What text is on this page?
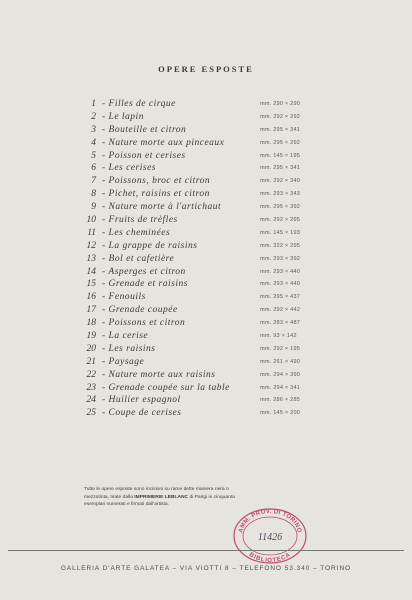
OPERE ESPOSTE
1 - Filles de cirque	mm. 290 × 290
2 - Le lapin	mm. 292 × 292
3 - Bouteille et citron	mm. 295 × 341
4 - Nature morte aux pinceaux	mm. 295 × 292
5 - Poisson et cerises	mm. 145 × 195
6 - Les cerises	mm. 295 × 341
7 - Poissons, broc et citron	mm. 292 × 340
8 - Pichet, raisins et citron	mm. 293 × 343
9 - Nature morte à l'artichaut	mm. 295 × 392
10 - Fruits de trèfles	mm. 292 × 295
11 - Les cheminées	mm. 145 × 193
12 - La grappe de raisins	mm. 322 × 295
13 - Bol et cafetière	mm. 293 × 392
14 - Asperges et citron	mm. 293 × 440
15 - Grenade et raisins	mm. 293 × 440
16 - Fenouils	mm. 295 × 437
17 - Grenade coupée	mm. 292 × 442
18 - Poissons et citron	mm. 283 × 487
19 - La cerise	mm. 93 × 142
20 - Les raisins	mm. 292 × 195
21 - Paysage	mm. 261 × 490
22 - Nature morte aux raisins	mm. 294 × 390
23 - Grenade coupée sur la table	mm. 294 × 341
24 - Huilier espagnol	mm. 286 × 285
25 - Coupe de cerises	mm. 145 × 200
Tutte le opere esposte sono incisioni su rame dette maniera nera o
mezzotinta, tirate dalla IMPRIMERIE LEBLANC di Parigi in cinquanta
esemplari numerati e firmati dall'artista.
AMM. PROV. DI TORINO
BIBLIOTECA
11426
GALLERIA D'ARTE GALATEA – VIA VIOTTI 8 – TELEFONO 53.340 – TORINO
